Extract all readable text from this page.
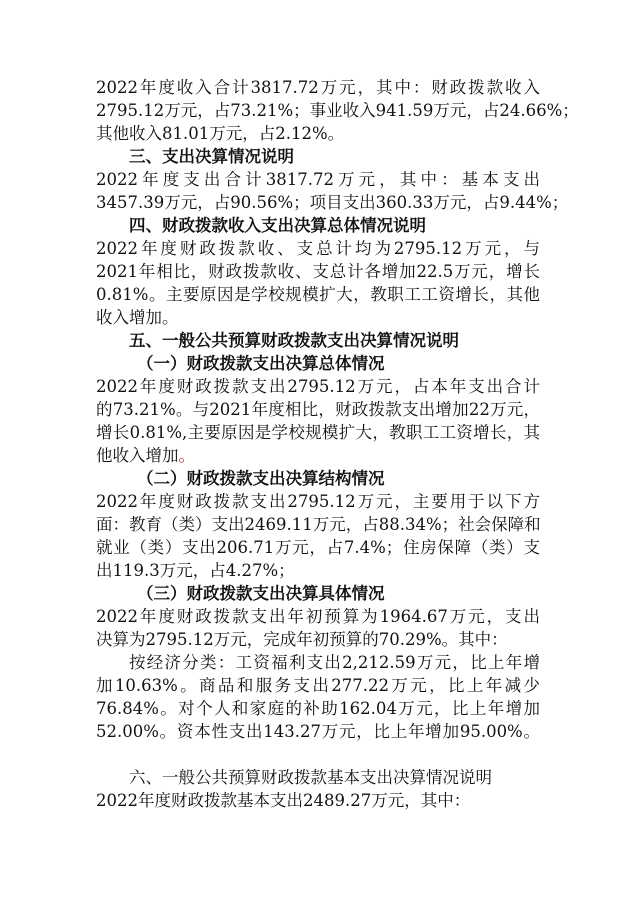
2022年度收入合计3817.72万元，其中：财政拨款收入
2795.12万元，占73.21%；事业收入941.59万元，占24.66%；
其他收入81.01万元，占2.12%。
三、支出决算情况说明
2022年度支出合计3817.72万元，其中：基本支出
3457.39万元，占90.56%；项目支出360.33万元，占9.44%；
四、财政拨款收入支出决算总体情况说明
2022年度财政拨款收、支总计均为2795.12万元，与
2021年相比，财政拨款收、支总计各增加22.5万元，增长
0.81%。主要原因是学校规模扩大，教职工工资增长，其他
收入增加。
五、一般公共预算财政拨款支出决算情况说明
（一）财政拨款支出决算总体情况
2022年度财政拨款支出2795.12万元，占本年支出合计
的73.21%。与2021年度相比，财政拨款支出增加22万元，
增长0.81%,主要原因是学校规模扩大，教职工工资增长，其
他收入增加。
（二）财政拨款支出决算结构情况
2022年度财政拨款支出2795.12万元，主要用于以下方
面：教育（类）支出2469.11万元，占88.34%；社会保障和
就业（类）支出206.71万元，占7.4%；住房保障（类）支
出119.3万元，占4.27%；
（三）财政拨款支出决算具体情况
2022年度财政拨款支出年初预算为1964.67万元，支出
决算为2795.12万元，完成年初预算的70.29%。其中：
按经济分类：工资福利支出2,212.59万元，比上年增
加10.63%。商品和服务支出277.22万元，比上年减少
76.84%。对个人和家庭的补助162.04万元，比上年增加
52.00%。资本性支出143.27万元，比上年增加95.00%。
六、一般公共预算财政拨款基本支出决算情况说明
2022年度财政拨款基本支出2489.27万元，其中：
